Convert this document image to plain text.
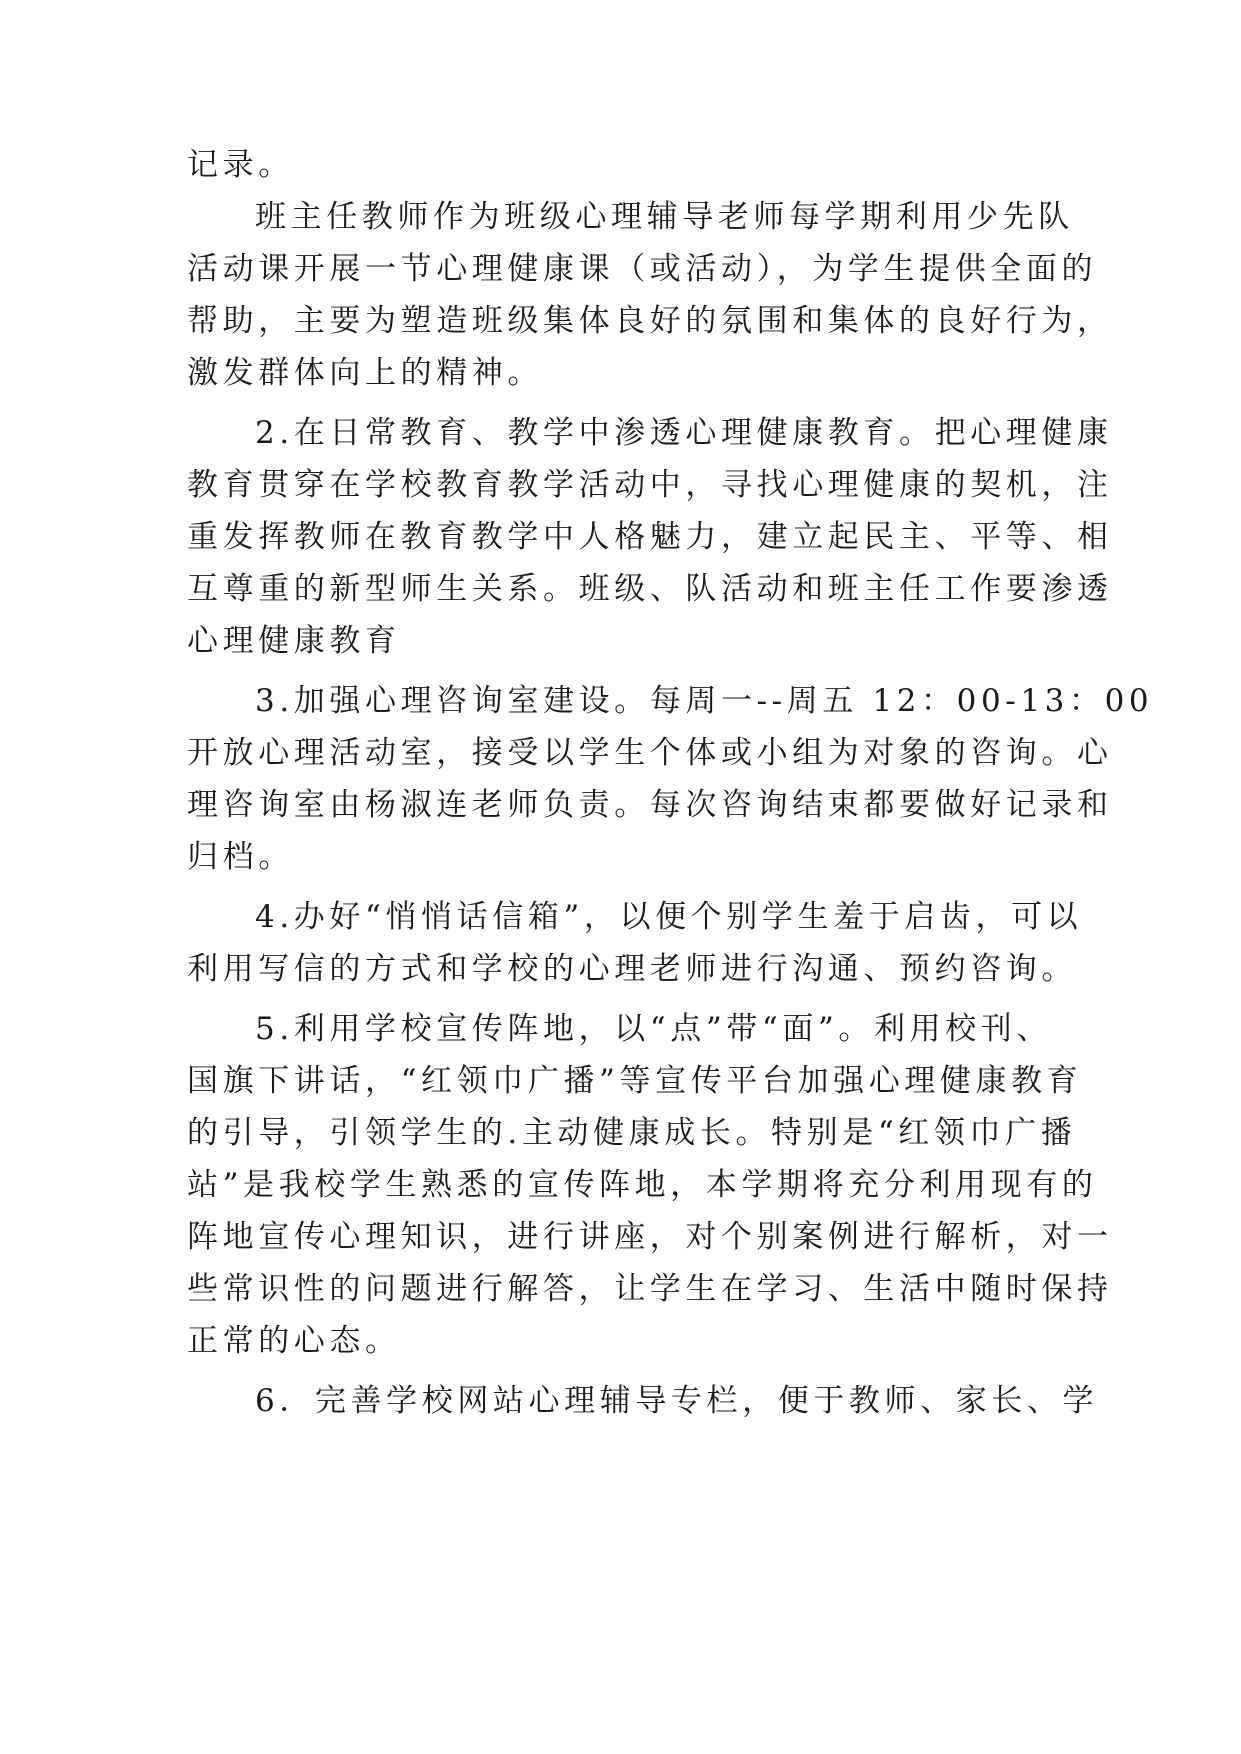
记录。
班主任教师作为班级心理辅导老师每学期利用少先队
活动课开展一节心理健康课（或活动），为学生提供全面的
帮助，主要为塑造班级集体良好的氛围和集体的良好行为，
激发群体向上的精神。
2.在日常教育、教学中渗透心理健康教育。把心理健康
教育贯穿在学校教育教学活动中，寻找心理健康的契机，注
重发挥教师在教育教学中人格魅力，建立起民主、平等、相
互尊重的新型师生关系。班级、队活动和班主任工作要渗透
心理健康教育
3.加强心理咨询室建设。每周一--周五 12：00-13：00
开放心理活动室，接受以学生个体或小组为对象的咨询。心
理咨询室由杨淑连老师负责。每次咨询结束都要做好记录和
归档。
4.办好“悄悄话信箱”，以便个别学生羞于启齿，可以
利用写信的方式和学校的心理老师进行沟通、预约咨询。
5.利用学校宣传阵地，以“点”带“面”。利用校刊、
国旗下讲话，“红领巾广播”等宣传平台加强心理健康教育
的引导，引领学生的.主动健康成长。特别是“红领巾广播
站”是我校学生熟悉的宣传阵地，本学期将充分利用现有的
阵地宣传心理知识，进行讲座，对个别案例进行解析，对一
些常识性的问题进行解答，让学生在学习、生活中随时保持
正常的心态。
6．完善学校网站心理辅导专栏，便于教师、家长、学
